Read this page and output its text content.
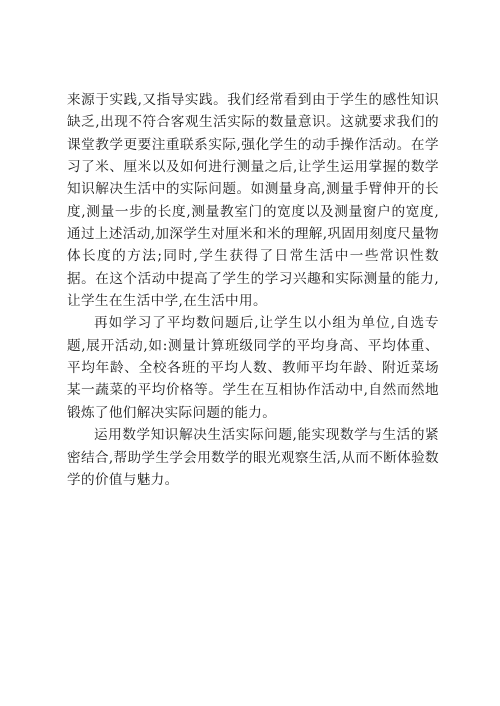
来源于实践,又指导实践。我们经常看到由于学生的感性知识缺乏,出现不符合客观生活实际的数量意识。这就要求我们的课堂教学更要注重联系实际,强化学生的动手操作活动。在学习了米、厘米以及如何进行测量之后,让学生运用掌握的数学知识解决生活中的实际问题。如测量身高,测量手臂伸开的长度,测量一步的长度,测量教室门的宽度以及测量窗户的宽度,通过上述活动,加深学生对厘米和米的理解,巩固用刻度尺量物体长度的方法;同时,学生获得了日常生活中一些常识性数据。在这个活动中提高了学生的学习兴趣和实际测量的能力,让学生在生活中学,在生活中用。

再如学习了平均数问题后,让学生以小组为单位,自选专题,展开活动,如:测量计算班级同学的平均身高、平均体重、平均年龄、全校各班的平均人数、教师平均年龄、附近菜场某一蔬菜的平均价格等。学生在互相协作活动中,自然而然地锻炼了他们解决实际问题的能力。

运用数学知识解决生活实际问题,能实现数学与生活的紧密结合,帮助学生学会用数学的眼光观察生活,从而不断体验数学的价值与魅力。
